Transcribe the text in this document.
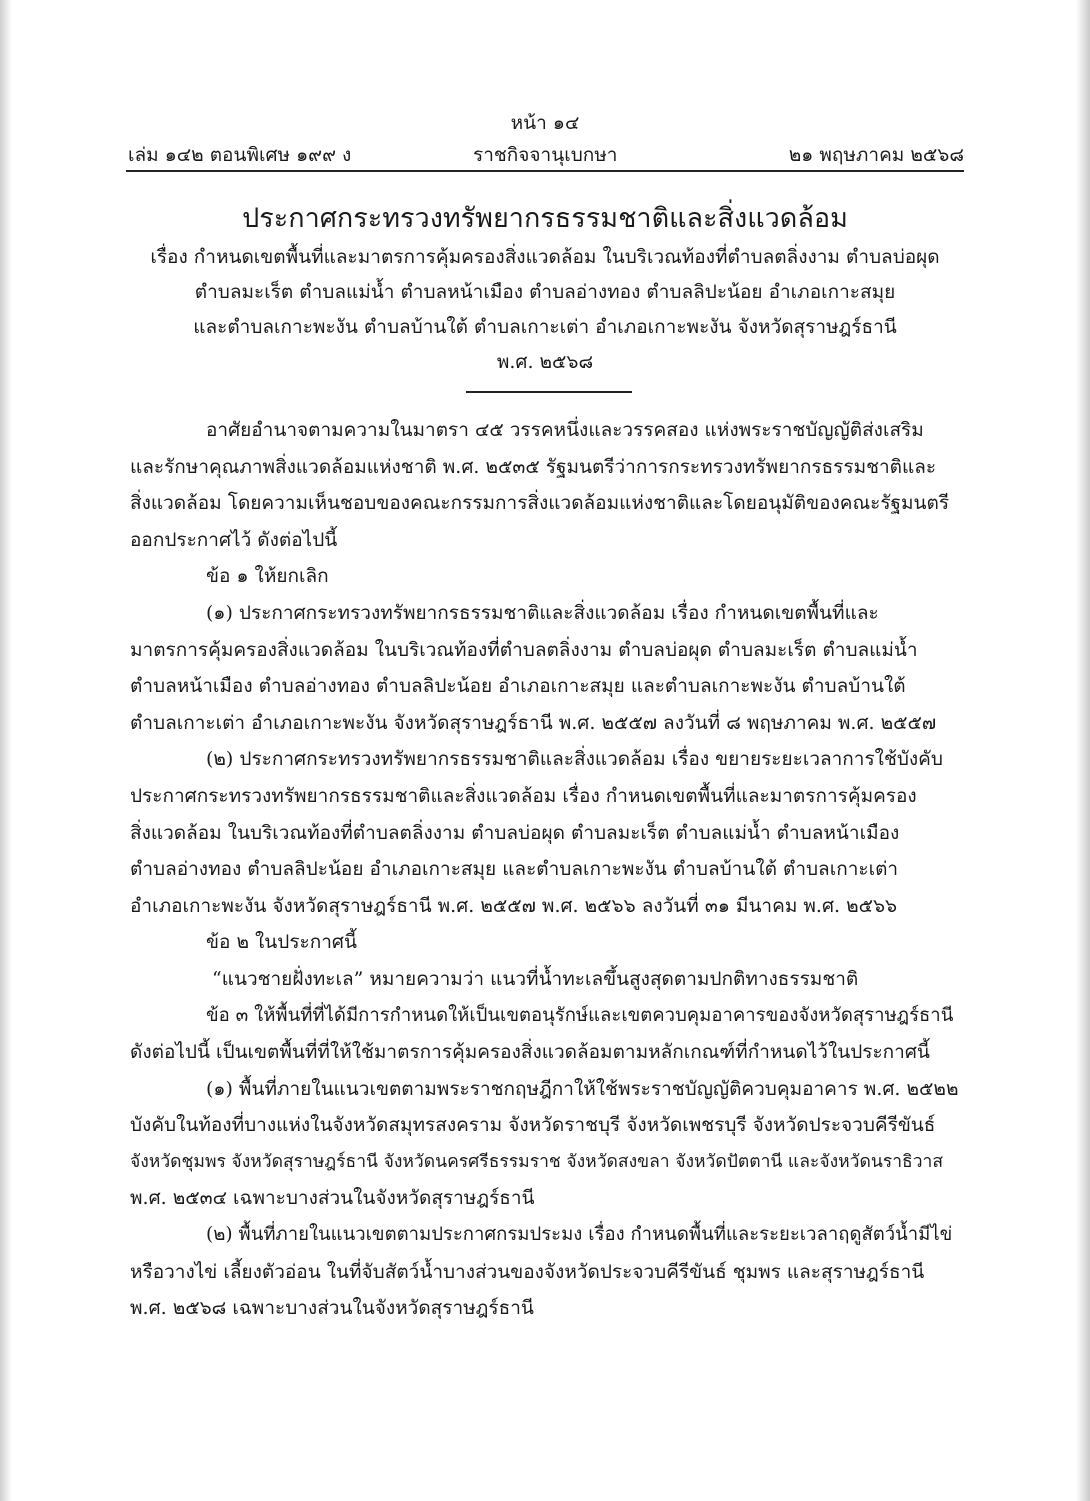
หน้า ๑๔
เล่ม ๑๔๒ ตอนพิเศษ ๑๙๙ ง	ราชกิจจานุเบกษา	๒๑ พฤษภาคม ๒๕๖๘
ประกาศกระทรวงทรัพยากรธรรมชาติและสิ่งแวดล้อม
เรื่อง กำหนดเขตพื้นที่และมาตรการคุ้มครองสิ่งแวดล้อม ในบริเวณท้องที่ตำบลตลิ่งงาม ตำบลบ่อผุด
ตำบลมะเร็ต ตำบลแม่น้ำ ตำบลหน้าเมือง ตำบลอ่างทอง ตำบลลิปะน้อย อำเภอเกาะสมุย
และตำบลเกาะพะงัน ตำบลบ้านใต้ ตำบลเกาะเต่า อำเภอเกาะพะงัน จังหวัดสุราษฎร์ธานี
พ.ศ. ๒๕๖๘
อาศัยอำนาจตามความในมาตรา ๔๕ วรรคหนึ่งและวรรคสอง แห่งพระราชบัญญัติส่งเสริม
และรักษาคุณภาพสิ่งแวดล้อมแห่งชาติ พ.ศ. ๒๕๓๕ รัฐมนตรีว่าการกระทรวงทรัพยากรธรรมชาติและ
สิ่งแวดล้อม โดยความเห็นชอบของคณะกรรมการสิ่งแวดล้อมแห่งชาติและโดยอนุมัติของคณะรัฐมนตรี
ออกประกาศไว้ ดังต่อไปนี้
ข้อ ๑ ให้ยกเลิก
(๑) ประกาศกระทรวงทรัพยากรธรรมชาติและสิ่งแวดล้อม เรื่อง กำหนดเขตพื้นที่และ
มาตรการคุ้มครองสิ่งแวดล้อม ในบริเวณท้องที่ตำบลตลิ่งงาม ตำบลบ่อผุด ตำบลมะเร็ต ตำบลแม่น้ำ
ตำบลหน้าเมือง ตำบลอ่างทอง ตำบลลิปะน้อย อำเภอเกาะสมุย และตำบลเกาะพะงัน ตำบลบ้านใต้
ตำบลเกาะเต่า อำเภอเกาะพะงัน จังหวัดสุราษฎร์ธานี พ.ศ. ๒๕๕๗ ลงวันที่ ๘ พฤษภาคม พ.ศ. ๒๕๕๗
(๒) ประกาศกระทรวงทรัพยากรธรรมชาติและสิ่งแวดล้อม เรื่อง ขยายระยะเวลาการใช้บังคับ
ประกาศกระทรวงทรัพยากรธรรมชาติและสิ่งแวดล้อม เรื่อง กำหนดเขตพื้นที่และมาตรการคุ้มครอง
สิ่งแวดล้อม ในบริเวณท้องที่ตำบลตลิ่งงาม ตำบลบ่อผุด ตำบลมะเร็ต ตำบลแม่น้ำ ตำบลหน้าเมือง
ตำบลอ่างทอง ตำบลลิปะน้อย อำเภอเกาะสมุย และตำบลเกาะพะงัน ตำบลบ้านใต้ ตำบลเกาะเต่า
อำเภอเกาะพะงัน จังหวัดสุราษฎร์ธานี พ.ศ. ๒๕๕๗ พ.ศ. ๒๕๖๖ ลงวันที่ ๓๑ มีนาคม พ.ศ. ๒๕๖๖
ข้อ ๒ ในประกาศนี้
“แนวชายฝั่งทะเล” หมายความว่า แนวที่น้ำทะเลขึ้นสูงสุดตามปกติทางธรรมชาติ
ข้อ ๓ ให้พื้นที่ที่ได้มีการกำหนดให้เป็นเขตอนุรักษ์และเขตควบคุมอาคารของจังหวัดสุราษฎร์ธานี
ดังต่อไปนี้ เป็นเขตพื้นที่ที่ให้ใช้มาตรการคุ้มครองสิ่งแวดล้อมตามหลักเกณฑ์ที่กำหนดไว้ในประกาศนี้
(๑) พื้นที่ภายในแนวเขตตามพระราชกฤษฎีกาให้ใช้พระราชบัญญัติควบคุมอาคาร พ.ศ. ๒๕๒๒
บังคับในท้องที่บางแห่งในจังหวัดสมุทรสงคราม จังหวัดราชบุรี จังหวัดเพชรบุรี จังหวัดประจวบคีรีขันธ์
จังหวัดชุมพร จังหวัดสุราษฎร์ธานี จังหวัดนครศรีธรรมราช จังหวัดสงขลา จังหวัดปัตตานี และจังหวัดนราธิวาส
พ.ศ. ๒๕๓๔ เฉพาะบางส่วนในจังหวัดสุราษฎร์ธานี
(๒) พื้นที่ภายในแนวเขตตามประกาศกรมประมง เรื่อง กำหนดพื้นที่และระยะเวลาฤดูสัตว์น้ำมีไข่
หรือวางไข่ เลี้ยงตัวอ่อน ในที่จับสัตว์น้ำบางส่วนของจังหวัดประจวบคีรีขันธ์ ชุมพร และสุราษฎร์ธานี
พ.ศ. ๒๕๖๘ เฉพาะบางส่วนในจังหวัดสุราษฎร์ธานี
